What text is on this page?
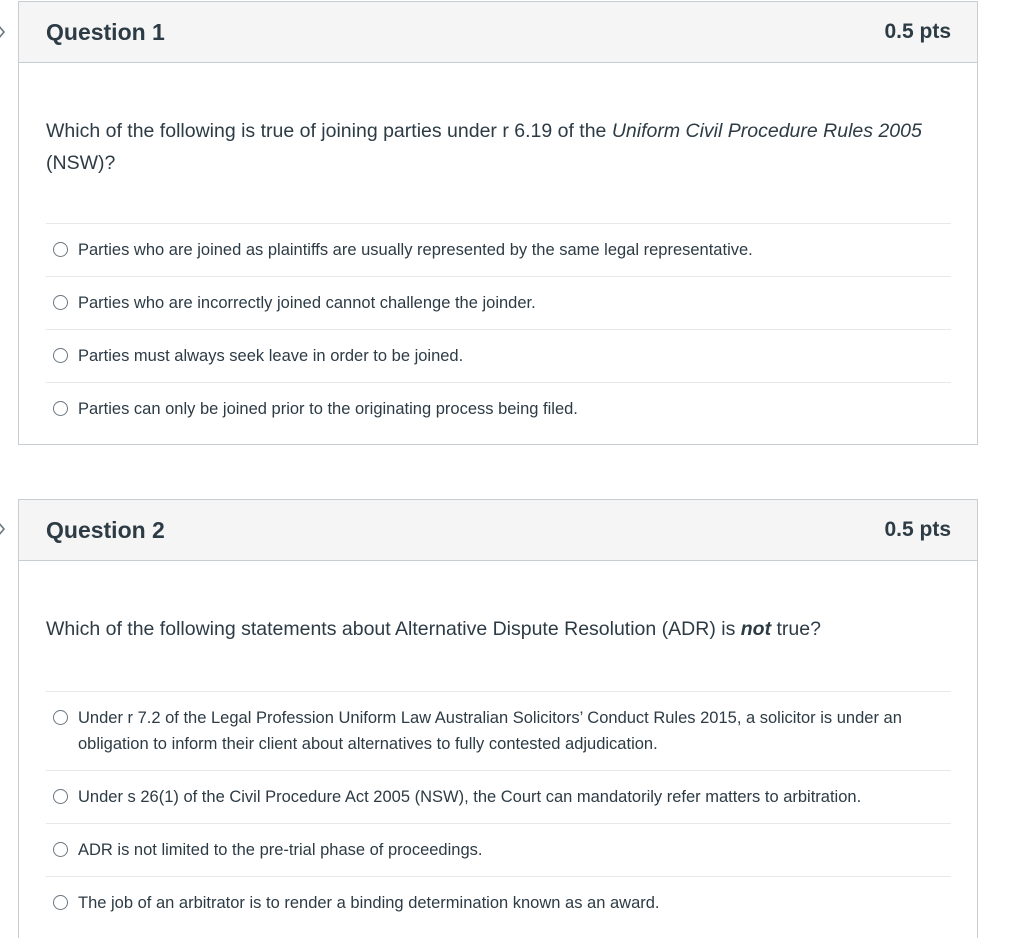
Question 1	0.5 pts

Which of the following is true of joining parties under r 6.19 of the Uniform Civil Procedure Rules 2005 (NSW)?

Parties who are joined as plaintiffs are usually represented by the same legal representative.
Parties who are incorrectly joined cannot challenge the joinder.
Parties must always seek leave in order to be joined.
Parties can only be joined prior to the originating process being filed.
Question 2	0.5 pts

Which of the following statements about Alternative Dispute Resolution (ADR) is not true?

Under r 7.2 of the Legal Profession Uniform Law Australian Solicitors’ Conduct Rules 2015, a solicitor is under an obligation to inform their client about alternatives to fully contested adjudication.
Under s 26(1) of the Civil Procedure Act 2005 (NSW), the Court can mandatorily refer matters to arbitration.
ADR is not limited to the pre-trial phase of proceedings.
The job of an arbitrator is to render a binding determination known as an award.
